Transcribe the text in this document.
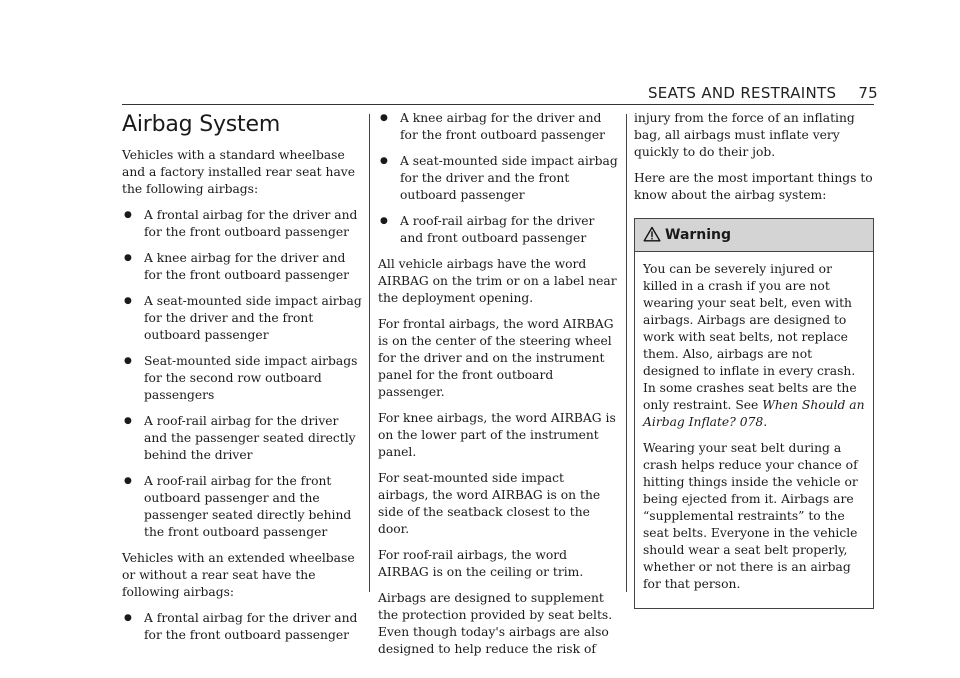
SEATS AND RESTRAINTS 75
Airbag System

Vehicles with a standard wheelbase and a factory installed rear seat have the following airbags:

● A frontal airbag for the driver and for the front outboard passenger
● A knee airbag for the driver and for the front outboard passenger
● A seat-mounted side impact airbag for the driver and the front outboard passenger
● Seat-mounted side impact airbags for the second row outboard passengers
● A roof-rail airbag for the driver and the passenger seated directly behind the driver
● A roof-rail airbag for the front outboard passenger and the passenger seated directly behind the front outboard passenger

Vehicles with an extended wheelbase or without a rear seat have the following airbags:

● A frontal airbag for the driver and for the front outboard passenger
● A knee airbag for the driver and for the front outboard passenger
● A seat-mounted side impact airbag for the driver and the front outboard passenger
● A roof-rail airbag for the driver and front outboard passenger

All vehicle airbags have the word AIRBAG on the trim or on a label near the deployment opening.

For frontal airbags, the word AIRBAG is on the center of the steering wheel for the driver and on the instrument panel for the front outboard passenger.

For knee airbags, the word AIRBAG is on the lower part of the instrument panel.

For seat-mounted side impact airbags, the word AIRBAG is on the side of the seatback closest to the door.

For roof-rail airbags, the word AIRBAG is on the ceiling or trim.

Airbags are designed to supplement the protection provided by seat belts. Even though today's airbags are also designed to help reduce the risk of

injury from the force of an inflating bag, all airbags must inflate very quickly to do their job.

Here are the most important things to know about the airbag system:

Warning

You can be severely injured or killed in a crash if you are not wearing your seat belt, even with airbags. Airbags are designed to work with seat belts, not replace them. Also, airbags are not designed to inflate in every crash. In some crashes seat belts are the only restraint. See When Should an Airbag Inflate? 078.

Wearing your seat belt during a crash helps reduce your chance of hitting things inside the vehicle or being ejected from it. Airbags are “supplemental restraints” to the seat belts. Everyone in the vehicle should wear a seat belt properly, whether or not there is an airbag for that person.
